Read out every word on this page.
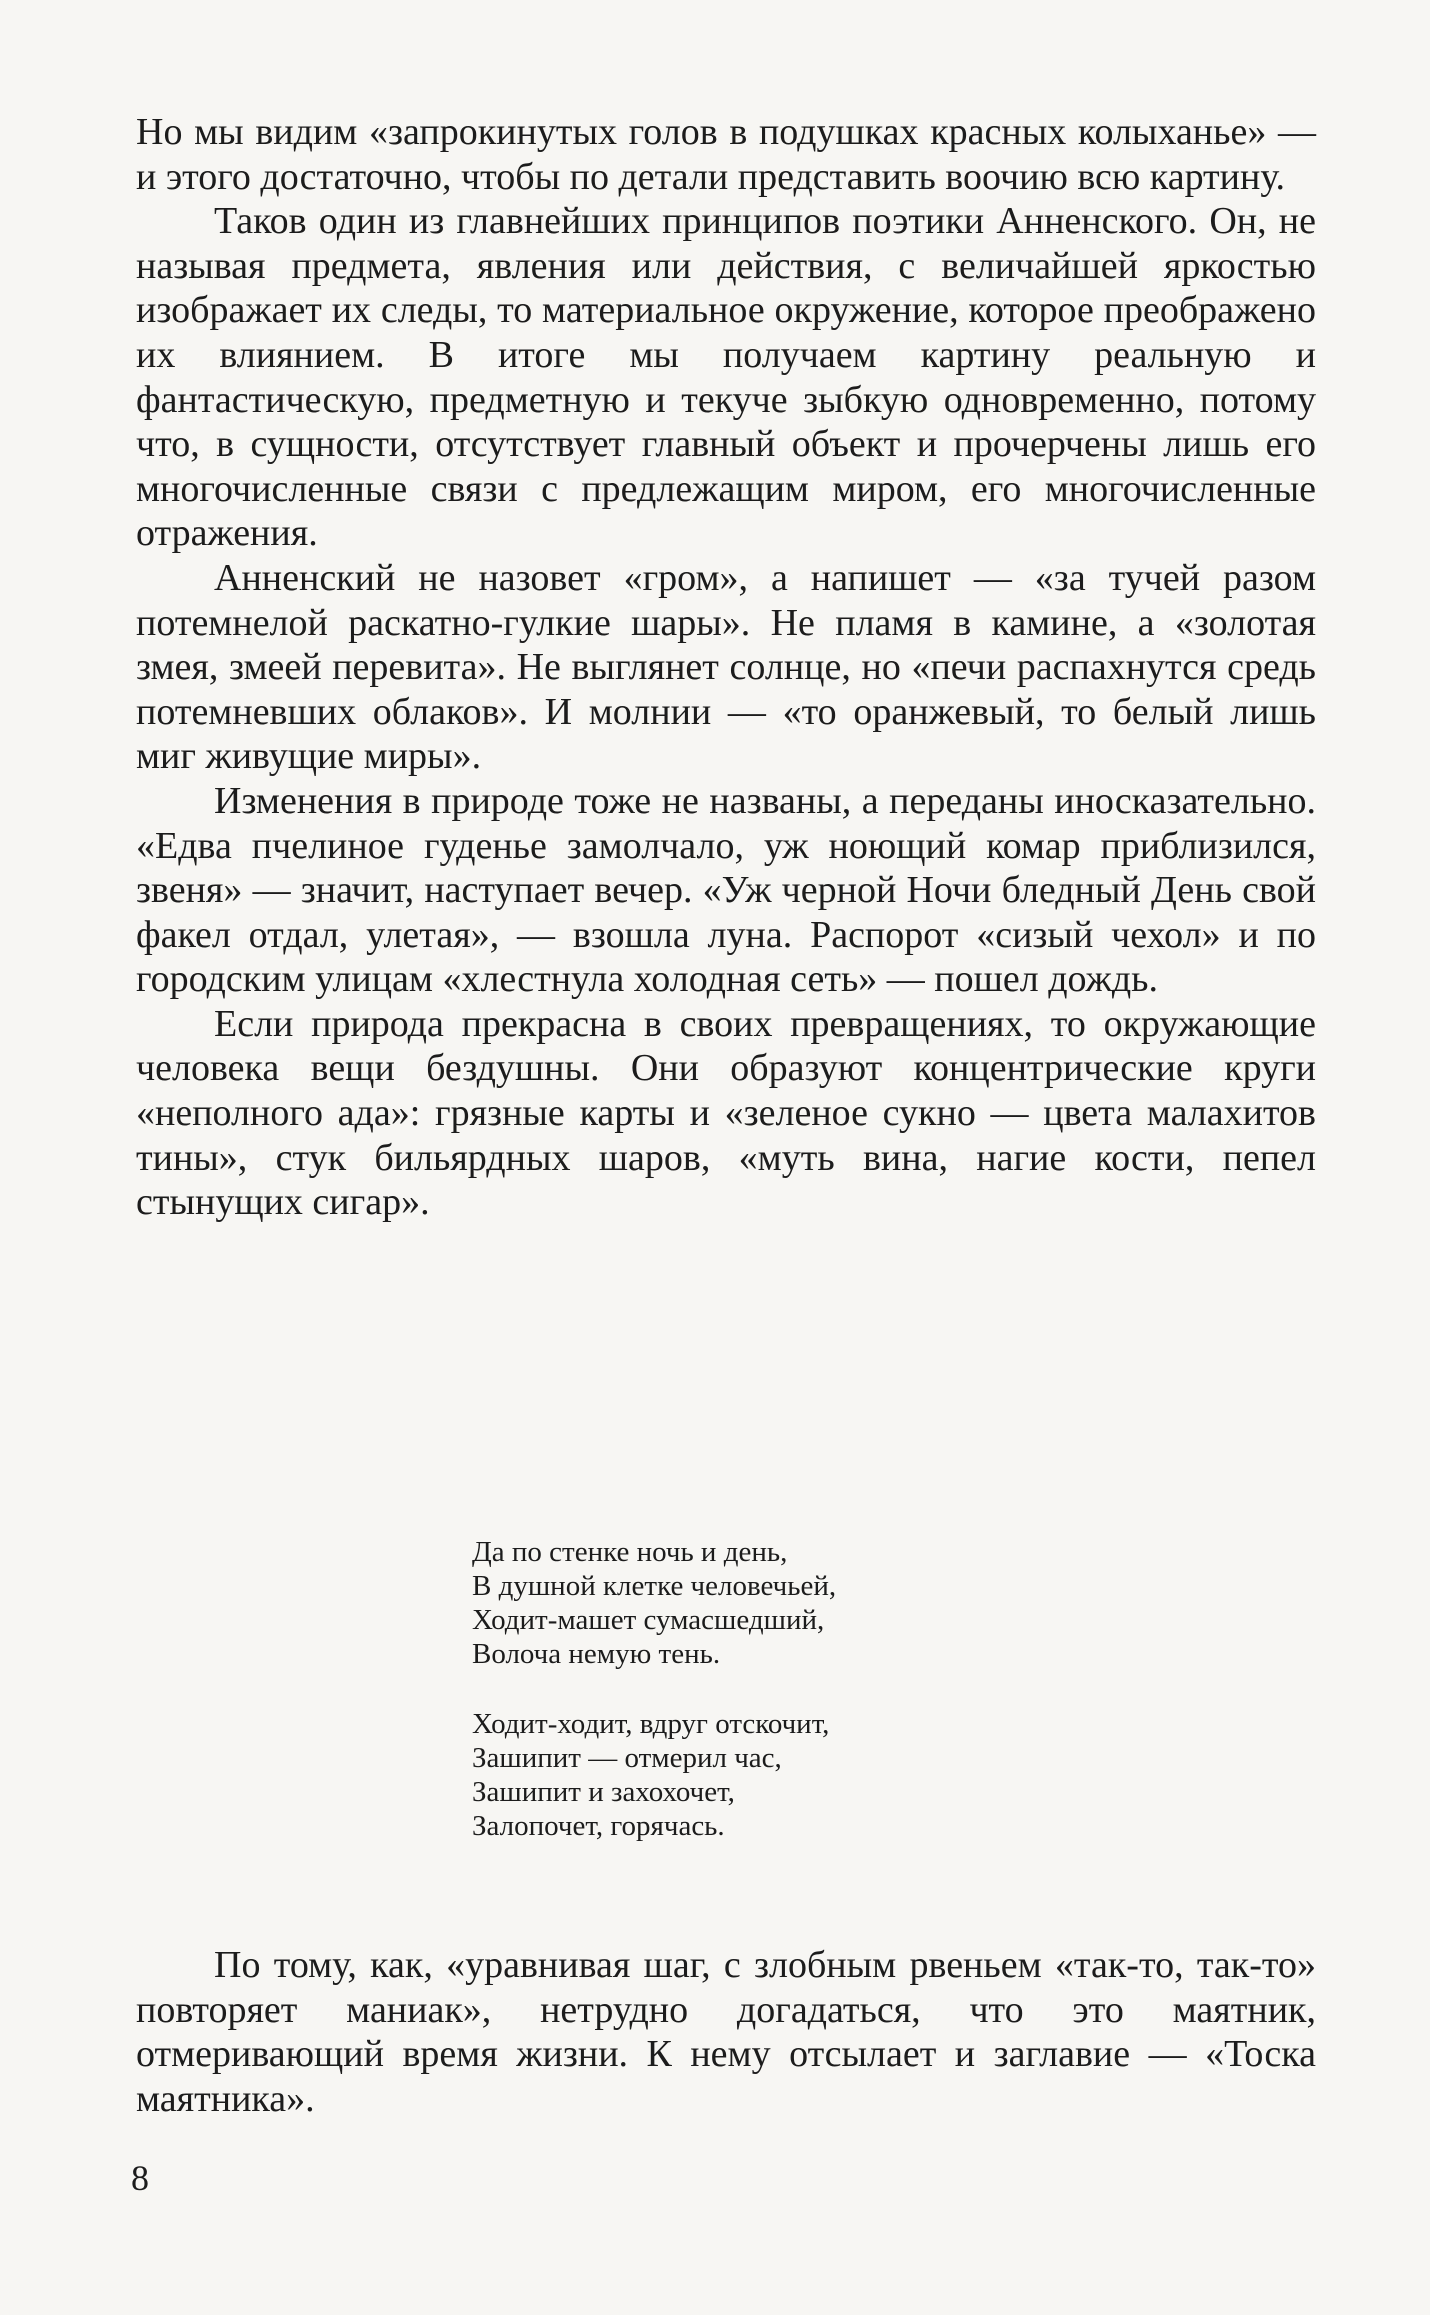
Но мы видим «запрокинутых голов в подушках красных колыханье» — и этого достаточно, чтобы по детали представить воочию всю картину.

Таков один из главнейших принципов поэтики Анненского. Он, не называя предмета, явления или действия, с величайшей яркостью изображает их следы, то материальное окружение, которое преображено их влиянием. В итоге мы получаем картину реальную и фантастическую, предметную и текуче зыбкую одновременно, потому что, в сущности, отсутствует главный объект и прочерчены лишь его многочисленные связи с предлежащим миром, его многочисленные отражения.

Анненский не назовет «гром», а напишет — «за тучей разом потемнелой раскатно-гулкие шары». Не пламя в камине, а «золотая змея, змеей перевита». Не выглянет солнце, но «печи распахнутся средь потемневших облаков». И молнии — «то оранжевый, то белый лишь миг живущие миры».

Изменения в природе тоже не названы, а переданы иносказательно. «Едва пчелиное гуденье замолчало, уж ноющий комар приблизился, звеня» — значит, наступает вечер. «Уж черной Ночи бледный День свой факел отдал, улетая», — взошла луна. Распорот «сизый чехол» и по городским улицам «хлестнула холодная сеть» — пошел дождь.

Если природа прекрасна в своих превращениях, то окружающие человека вещи бездушны. Они образуют концентрические круги «неполного ада»: грязные карты и «зеленое сукно — цвета малахитов тины», стук бильярдных шаров, «муть вина, нагие кости, пепел стынущих сигар».

Да по стенке ночь и день,
В душной клетке человечьей,
Ходит-машет сумасшедший,
Волоча немую тень.
Ходит-ходит, вдруг отскочит,
Зашипит — отмерил час,
Зашипит и захохочет,
Залопочет, горячась.

По тому, как, «уравнивая шаг, с злобным рвеньем «так-то, так-то» повторяет маниак», нетрудно догадаться, что это маятник, отмеривающий время жизни. К нему отсылает и заглавие — «Тоска маятника».

8
